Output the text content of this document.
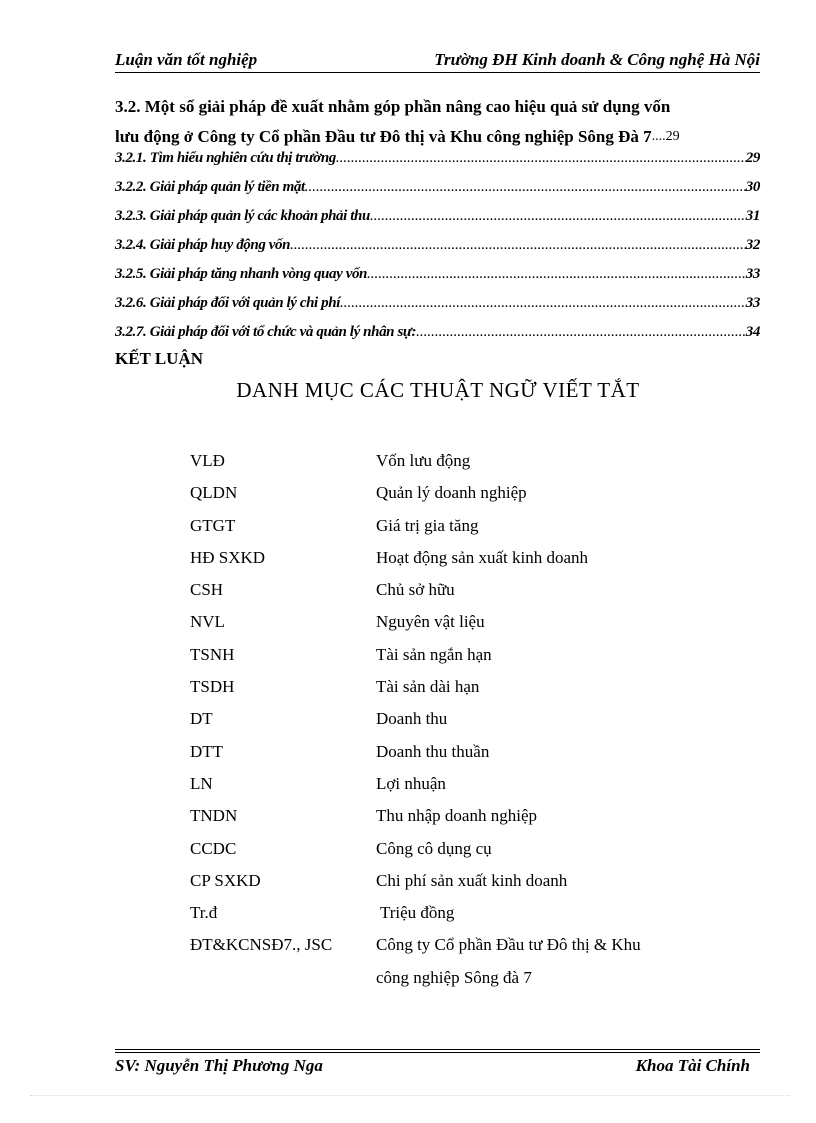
Luận văn tốt nghiệp	Trường ĐH Kinh doanh & Công nghệ Hà Nội
3.2. Một số giải pháp đề xuất nhằm góp phần nâng cao hiệu quả sử dụng vốn
lưu động ở Công ty Cổ phần Đầu tư Đô thị và Khu công nghiệp Sông Đà 7 ....29
3.2.1. Tìm hiểu nghiên cứu thị trường .....	29
3.2.2. Giải pháp quản lý tiền mặt .....	30
3.2.3. Giải pháp quản lý các khoản phải thu .....	31
3.2.4. Giải pháp huy động vốn .....	32
3.2.5. Giải pháp tăng nhanh vòng quay vốn .....	33
3.2.6. Giải pháp đối với quản lý chi phí .....	33
3.2.7. Giải pháp đối với tổ chức và quản lý nhân sự: .....	34
KẾT LUẬN
DANH MỤC CÁC THUẬT NGỮ VIẾT TẮT
VLĐ	Vốn lưu động
QLDN	Quản lý doanh nghiệp
GTGT	Giá trị gia tăng
HĐ SXKD	Hoạt động sản xuất kinh doanh
CSH	Chủ sở hữu
NVL	Nguyên vật liệu
TSNH	Tài sản ngắn hạn
TSDH	Tài sản dài hạn
DT	Doanh thu
DTT	Doanh thu thuần
LN	Lợi nhuận
TNDN	Thu nhập doanh nghiệp
CCDC	Công cô dụng cụ
CP SXKD	Chi phí sản xuất kinh doanh
Tr.đ	Triệu đồng
ĐT&KCNSĐ7., JSC	Công ty Cổ phần Đầu tư Đô thị & Khu
công nghiệp Sông đà 7
SV: Nguyễn Thị Phương Nga	Khoa Tài Chính
